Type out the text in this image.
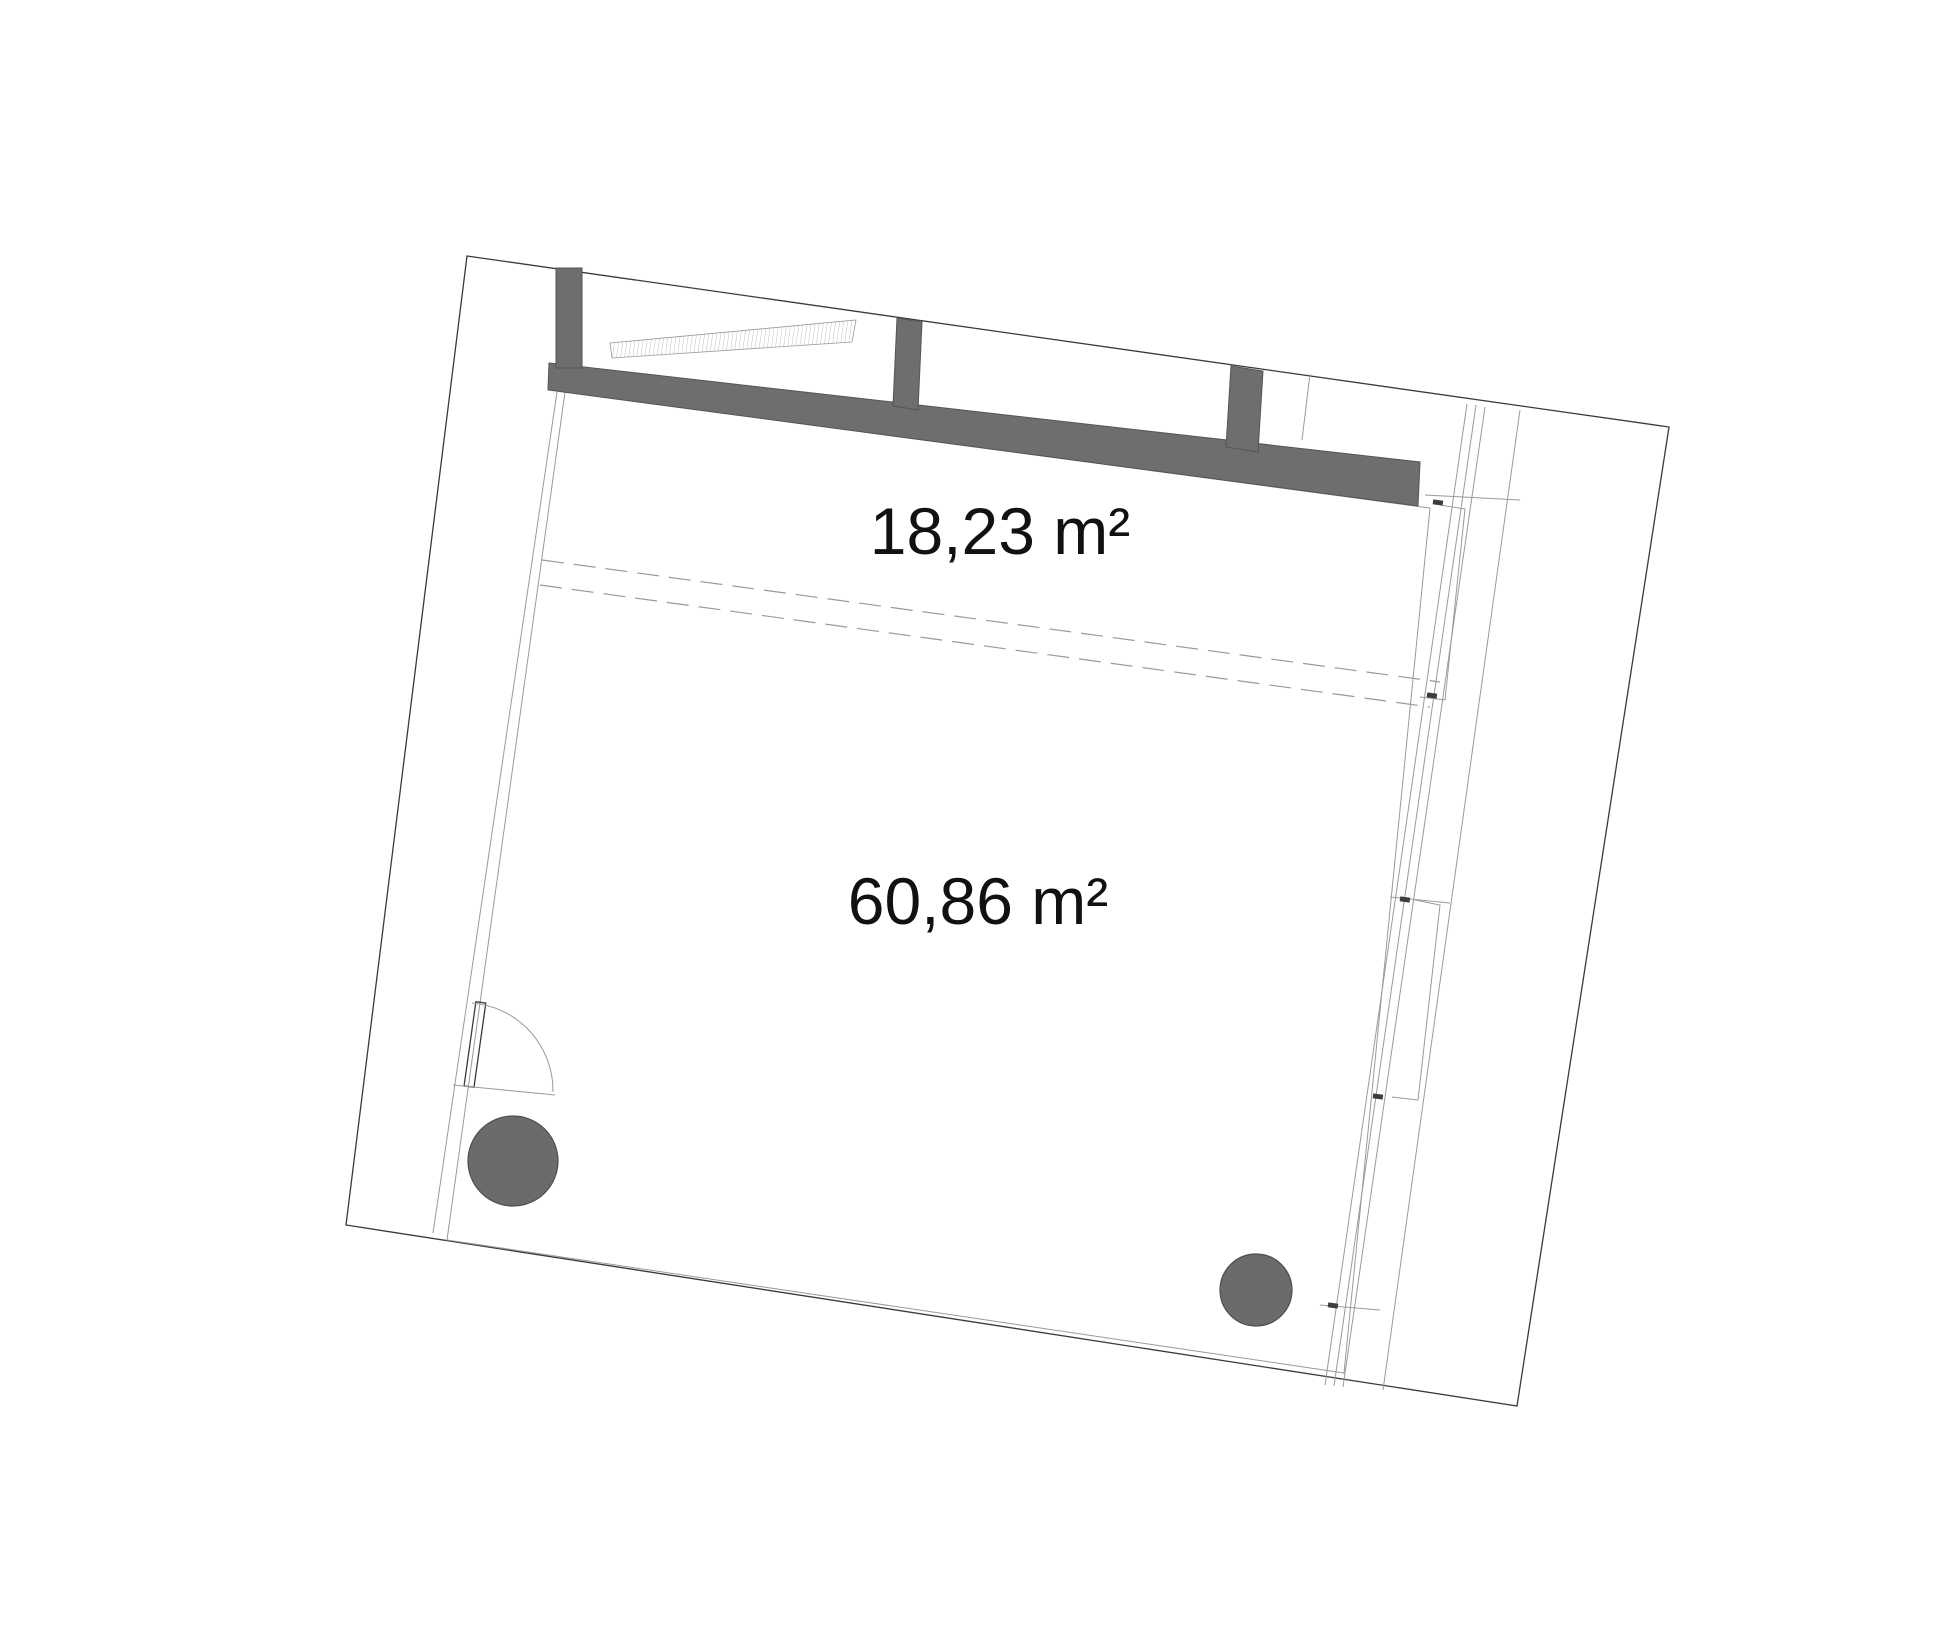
18,23 m²
60,86 m²
